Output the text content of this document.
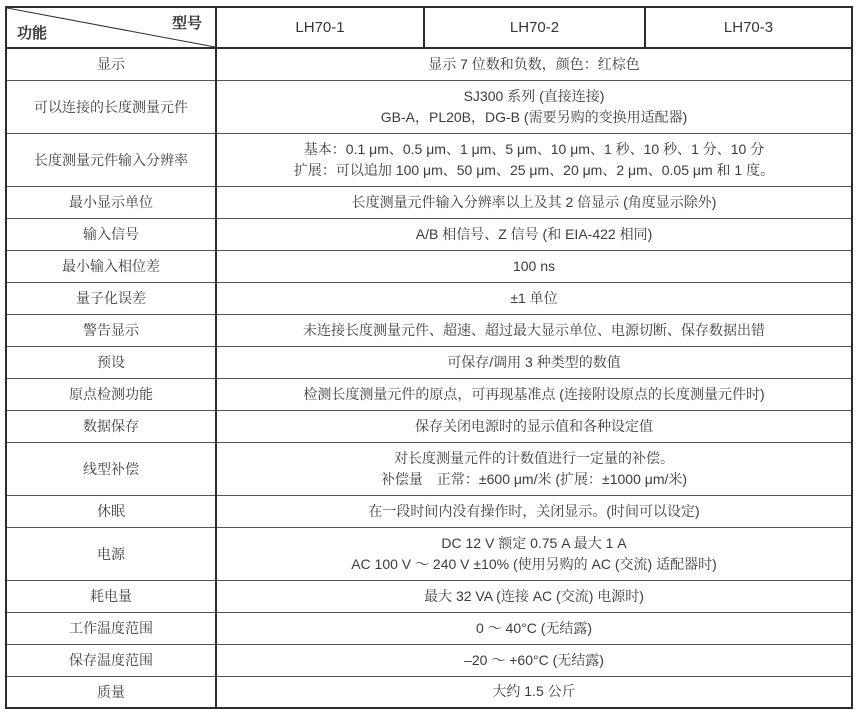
型号
功能	LH70-1	LH70-2	LH70-3
显示	显示 7 位数和负数，颜色：红棕色		

可以连接的长度测量元件	SJ300 系列 (直接连接)
GB-A，PL20B，DG-B (需要另购的变换用适配器)		

长度测量元件输入分辨率	基本：0.1 μm、0.5 μm、1 μm、5 μm、10 μm、1 秒、10 秒、1 分、10 分
扩展：可以追加 100 μm、50 μm、25 μm、20 μm、2 μm、0.05 μm 和 1 度。		

最小显示单位	长度测量元件输入分辨率以上及其 2 倍显示 (角度显示除外)		

输入信号	A/B 相信号、Z 信号 (和 EIA-422 相同)		

最小输入相位差	100 ns		

量子化误差	±1 单位		

警告显示	未连接长度测量元件、超速、超过最大显示单位、电源切断、保存数据出错		

预设	可保存/调用 3 种类型的数值		

原点检测功能	检测长度测量元件的原点，可再现基准点 (连接附设原点的长度测量元件时)		

数据保存	保存关闭电源时的显示值和各种设定值		

线型补偿	对长度测量元件的计数值进行一定量的补偿。
补偿量　正常：±600 μm/米 (扩展：±1000 μm/米)		

休眠	在一段时间内没有操作时，关闭显示。(时间可以设定)		

电源	DC 12 V 额定 0.75 A 最大 1 A
AC 100 V ～ 240 V ±10% (使用另购的 AC (交流) 适配器时)		

耗电量	最大 32 VA (连接 AC (交流) 电源时)		

工作温度范围	0 ～ 40°C (无结露)		

保存温度范围	–20 ～ +60°C (无结露)		

质量	大约 1.5 公斤		
